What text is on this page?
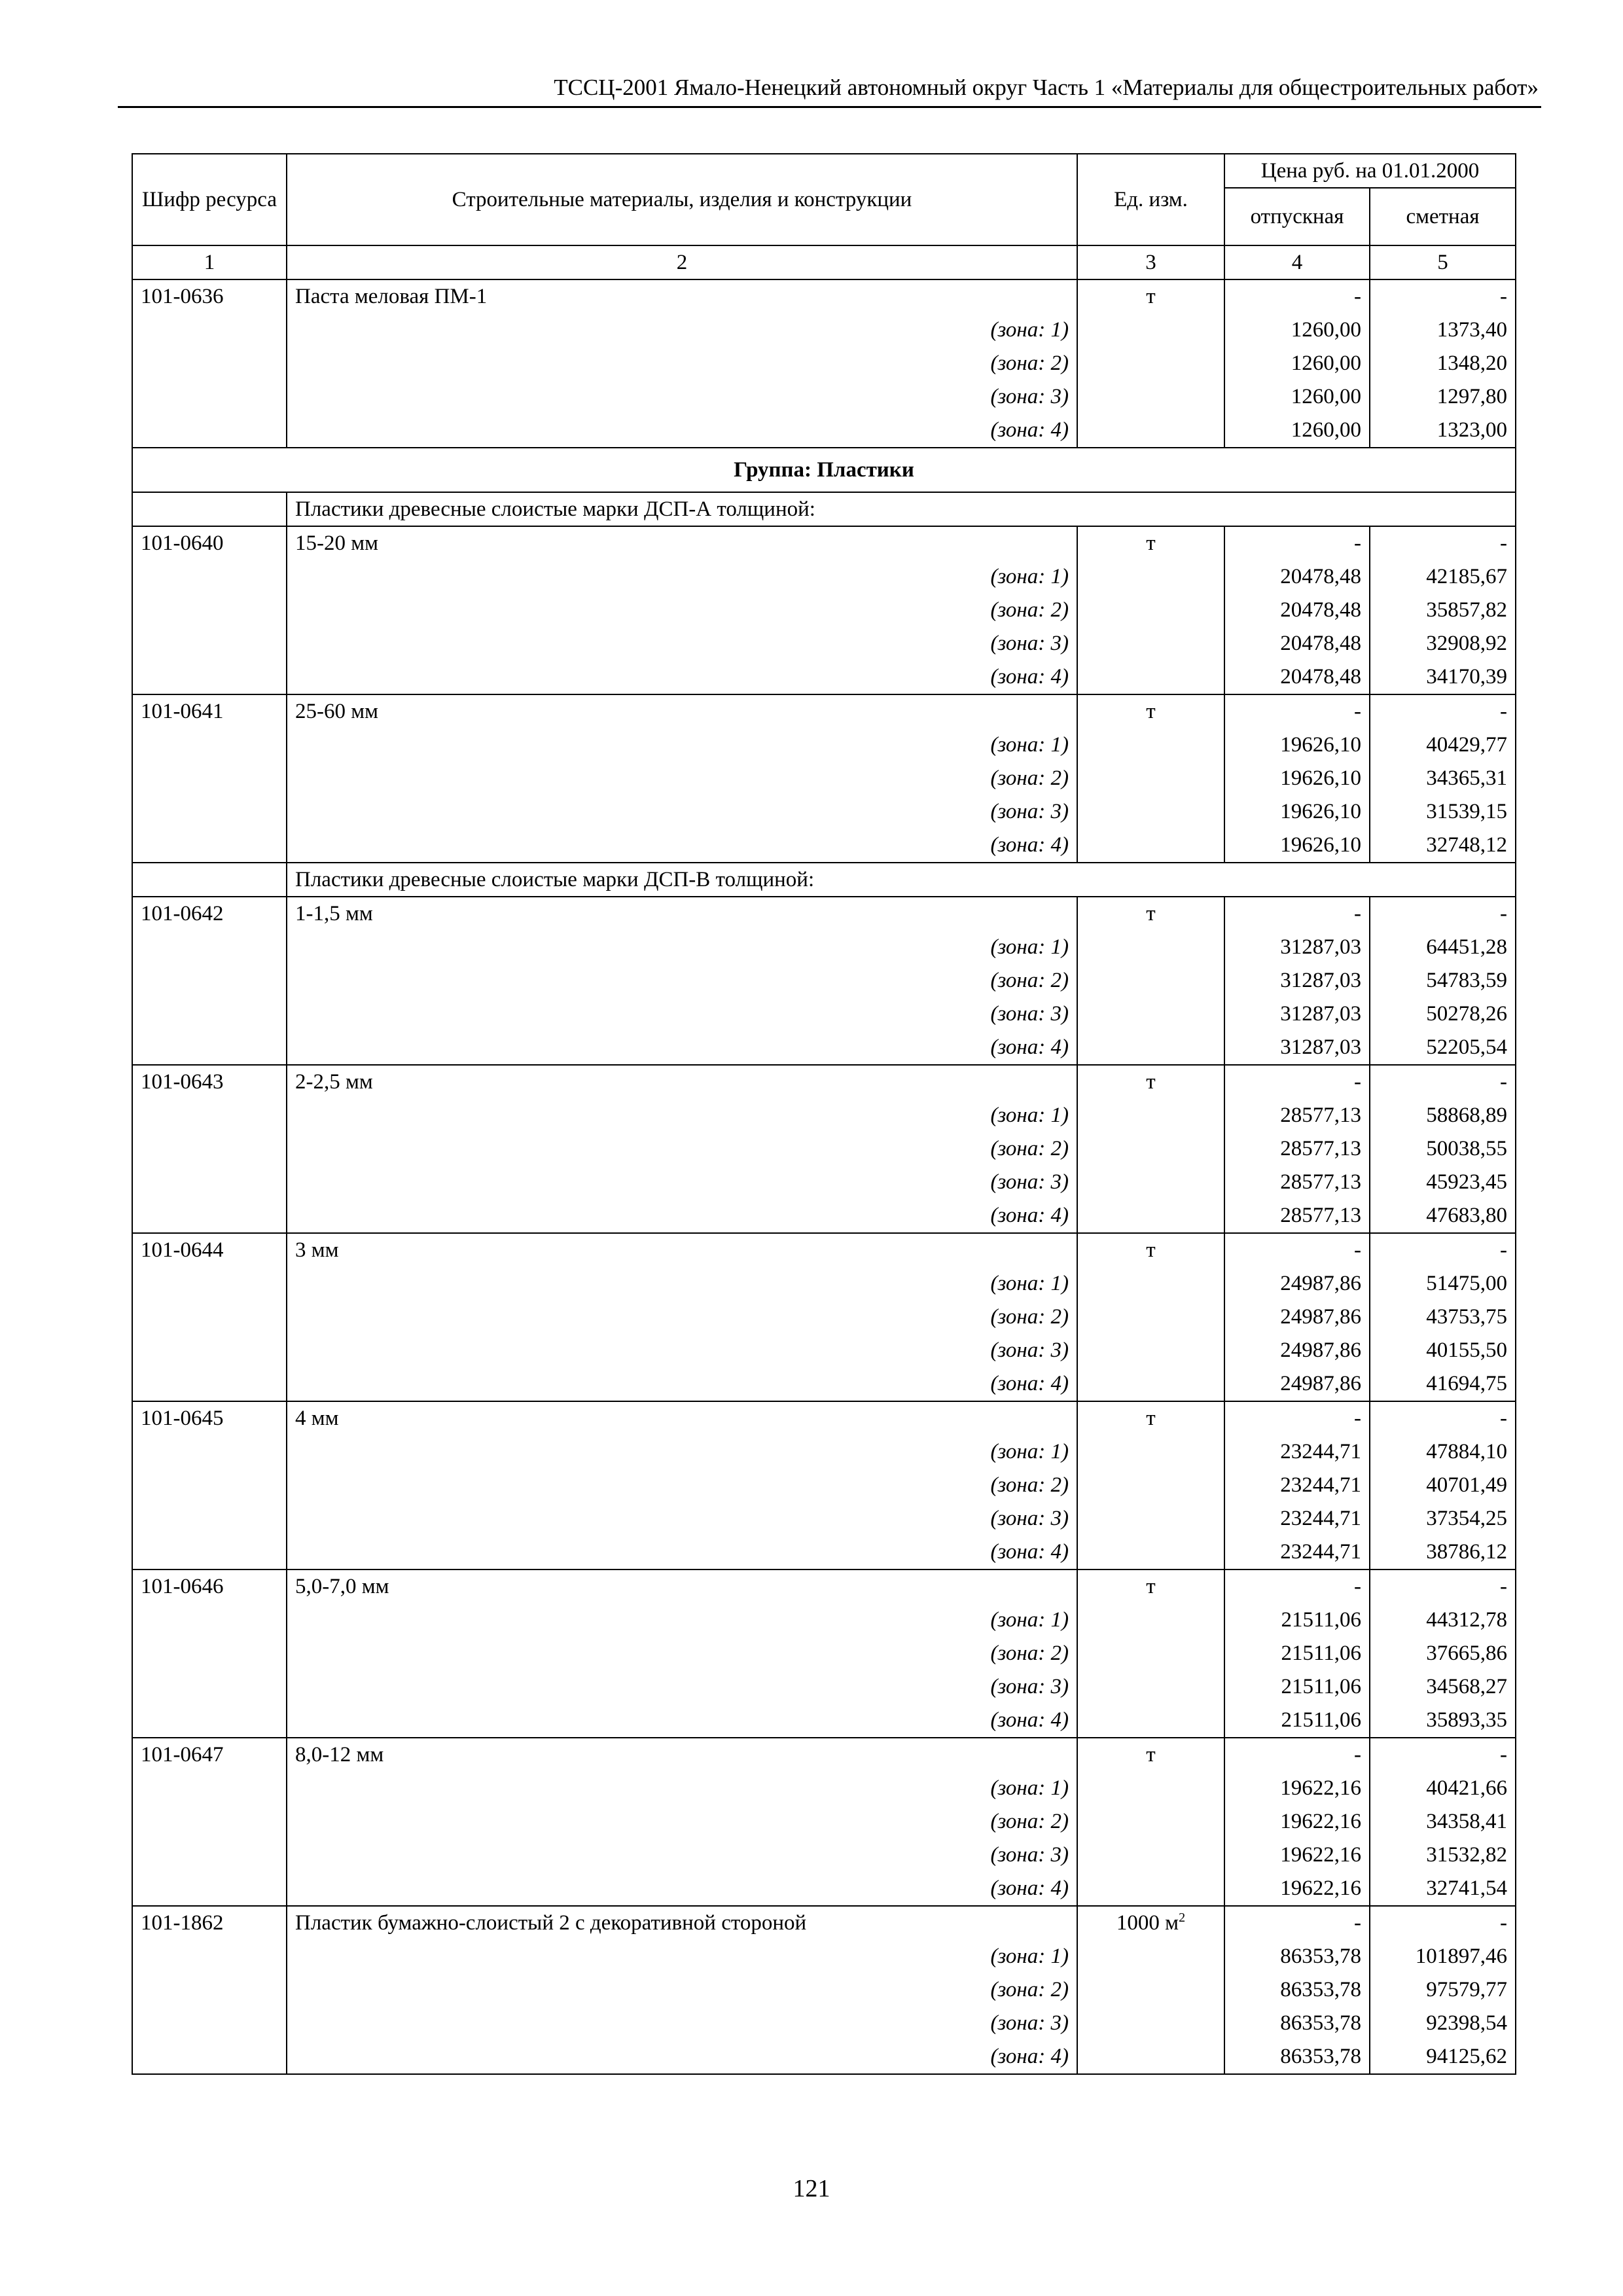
ТССЦ-2001 Ямало-Ненецкий автономный округ Часть 1 «Материалы для общестроительных работ»
Шифр ресурса	Строительные материалы, изделия и конструкции	Ед. изм.	Цена руб. на 01.01.2000	
			отпускная	сметная
1	2	3	4	5
101-0636	Паста меловая ПМ-1	т	-	-
	(зона: 1)		1260,00	1373,40
	(зона: 2)		1260,00	1348,20
	(зона: 3)		1260,00	1297,80
	(зона: 4)		1260,00	1323,00
Группа: Пластики				
	Пластики древесные слоистые марки ДСП-А толщиной:			
101-0640	15-20 мм	т	-	-
	(зона: 1)		20478,48	42185,67
	(зона: 2)		20478,48	35857,82
	(зона: 3)		20478,48	32908,92
	(зона: 4)		20478,48	34170,39
101-0641	25-60 мм	т	-	-
	(зона: 1)		19626,10	40429,77
	(зона: 2)		19626,10	34365,31
	(зона: 3)		19626,10	31539,15
	(зона: 4)		19626,10	32748,12
	Пластики древесные слоистые марки ДСП-В толщиной:			
101-0642	1-1,5 мм	т	-	-
	(зона: 1)		31287,03	64451,28
	(зона: 2)		31287,03	54783,59
	(зона: 3)		31287,03	50278,26
	(зона: 4)		31287,03	52205,54
101-0643	2-2,5 мм	т	-	-
	(зона: 1)		28577,13	58868,89
	(зона: 2)		28577,13	50038,55
	(зона: 3)		28577,13	45923,45
	(зона: 4)		28577,13	47683,80
101-0644	3 мм	т	-	-
	(зона: 1)		24987,86	51475,00
	(зона: 2)		24987,86	43753,75
	(зона: 3)		24987,86	40155,50
	(зона: 4)		24987,86	41694,75
101-0645	4 мм	т	-	-
	(зона: 1)		23244,71	47884,10
	(зона: 2)		23244,71	40701,49
	(зона: 3)		23244,71	37354,25
	(зона: 4)		23244,71	38786,12
101-0646	5,0-7,0 мм	т	-	-
	(зона: 1)		21511,06	44312,78
	(зона: 2)		21511,06	37665,86
	(зона: 3)		21511,06	34568,27
	(зона: 4)		21511,06	35893,35
101-0647	8,0-12 мм	т	-	-
	(зона: 1)		19622,16	40421,66
	(зона: 2)		19622,16	34358,41
	(зона: 3)		19622,16	31532,82
	(зона: 4)		19622,16	32741,54
101-1862	Пластик бумажно-слоистый 2 с декоративной стороной	1000 $м^2$	-	-
	(зона: 1)		86353,78	101897,46
	(зона: 2)		86353,78	97579,77
	(зона: 3)		86353,78	92398,54
	(зона: 4)		86353,78	94125,62
121
